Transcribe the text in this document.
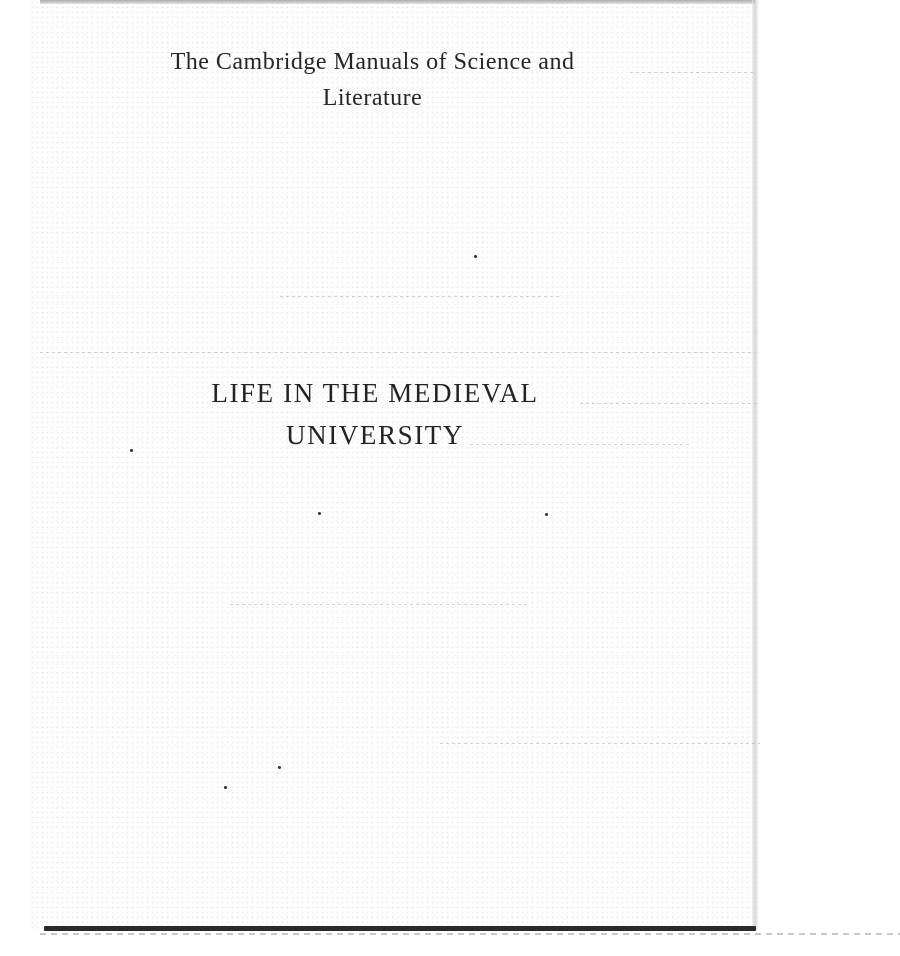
The Cambridge Manuals of Science and
Literature
LIFE IN THE MEDIEVAL
UNIVERSITY
